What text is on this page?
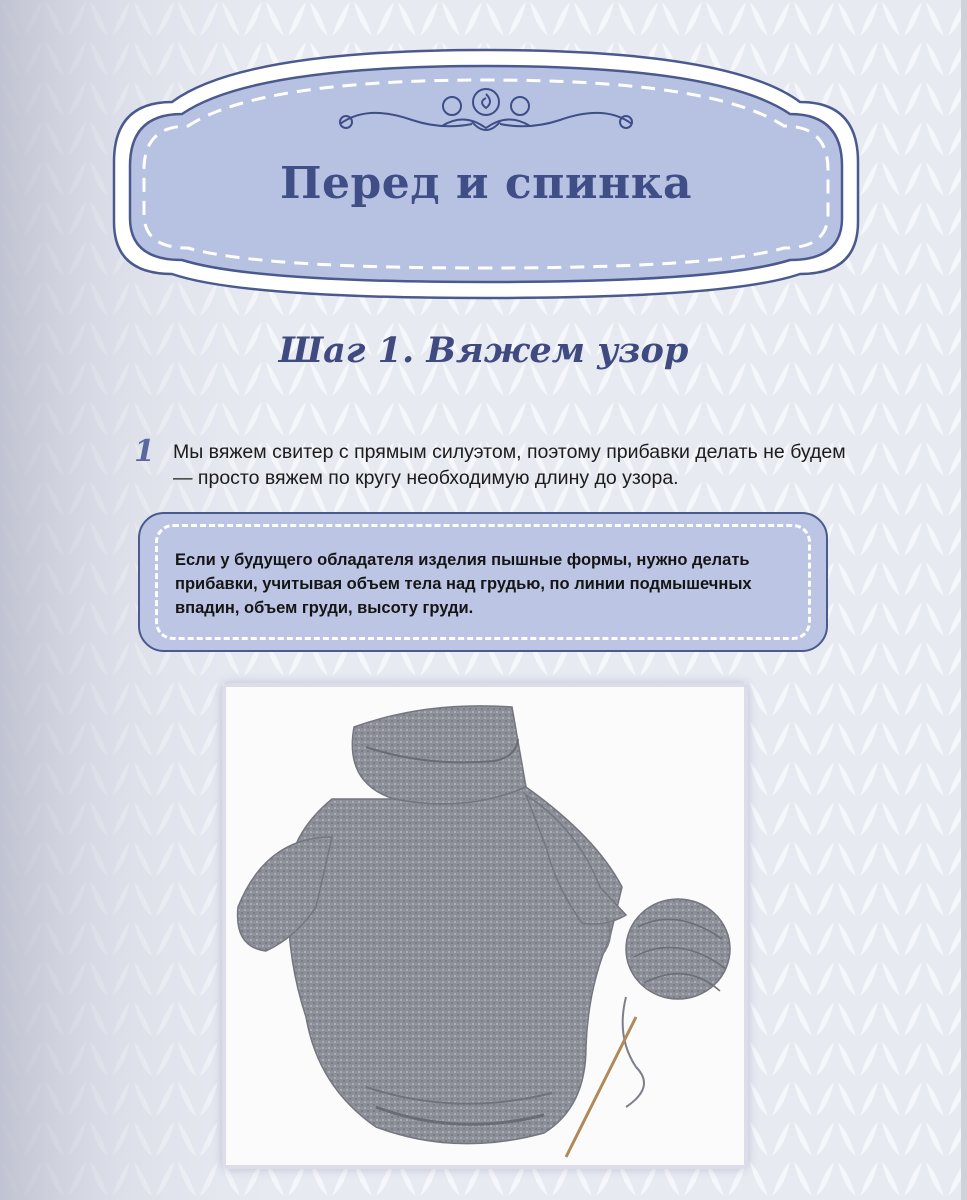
Перед и спинка
Шаг 1. Вяжем узор
1 Мы вяжем свитер с прямым силуэтом, поэтому прибавки делать не будем — просто вяжем по кругу необходимую длину до узора.
Если у будущего обладателя изделия пышные формы, нужно делать прибавки, учитывая объем тела над грудью, по линии подмышечных впадин, объем груди, высоту груди.
